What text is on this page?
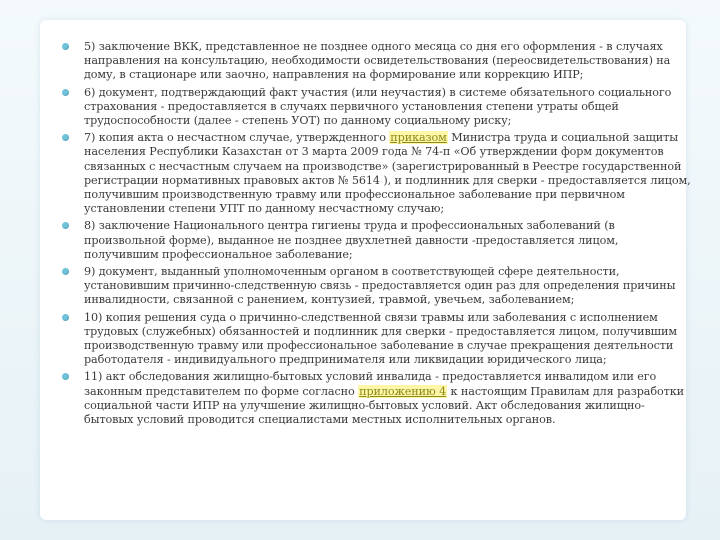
5) заключение ВКК, представленное не позднее одного месяца со дня его оформления - в случаях направления на консультацию, необходимости освидетельствования (переосвидетельствования) на дому, в стационаре или заочно, направления на формирование или коррекцию ИПР;
6) документ, подтверждающий факт участия (или неучастия) в системе обязательного социального страхования - предоставляется в случаях первичного установления степени утраты общей трудоспособности (далее - степень УОТ) по данному социальному риску;
7) копия акта о несчастном случае, утвержденного приказом Министра труда и социальной защиты населения Республики Казахстан от 3 марта 2009 года № 74-п «Об утверждении форм документов связанных с несчастным случаем на производстве» (зарегистрированный в Реестре государственной регистрации нормативных правовых актов № 5614 ), и подлинник для сверки - предоставляется лицом, получившим производственную травму или профессиональное заболевание при первичном установлении степени УПТ по данному несчастному случаю;
8) заключение Национального центра гигиены труда и профессиональных заболеваний (в произвольной форме), выданное не позднее двухлетней давности -предоставляется лицом, получившим профессиональное заболевание;
9) документ, выданный уполномоченным органом в соответствующей сфере деятельности, установившим причинно-следственную связь - предоставляется один раз для определения причины инвалидности, связанной с ранением, контузией, травмой, увечьем, заболеванием;
10) копия решения суда о причинно-следственной связи травмы или заболевания с исполнением трудовых (служебных) обязанностей и подлинник для сверки - предоставляется лицом, получившим производственную травму или профессиональное заболевание в случае прекращения деятельности работодателя - индивидуального предпринимателя или ликвидации юридического лица;
11) акт обследования жилищно-бытовых условий инвалида - предоставляется инвалидом или его законным представителем по форме согласно приложению 4 к настоящим Правилам для разработки социальной части ИПР на улучшение жилищно-бытовых условий. Акт обследования жилищно-бытовых условий проводится специалистами местных исполнительных органов.
